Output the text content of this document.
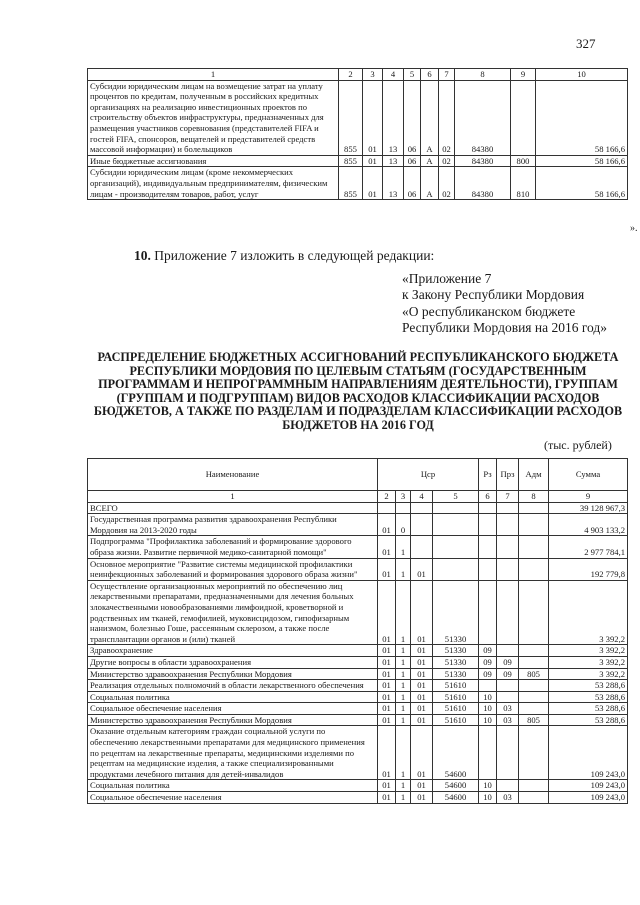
327
1	2	3	4	5	6	7	8	9	10
Субсидии юридическим лицам на возмещение затрат на уплату процентов по кредитам, полученным в российских кредитных организациях на реализацию инвестиционных проектов по строительству объектов инфраструктуры, предназначенных для размещения участников соревнования (представителей FIFA и гостей FIFA, спонсоров, вещателей и представителей средств массовой информации) и болельщиков	855	01	13	06	А	02	84380		58 166,6
Иные бюджетные ассигнования	855	01	13	06	А	02	84380	800	58 166,6
Субсидии юридическим лицам (кроме некоммерческих организаций), индивидуальным предпринимателям, физическим лицам - производителям товаров, работ, услуг	855	01	13	06	А	02	84380	810	58 166,6
».
10. Приложение 7 изложить в следующей редакции:
«Приложение 7
к Закону Республики Мордовия
«О республиканском бюджете Республики Мордовия на 2016 год»
РАСПРЕДЕЛЕНИЕ БЮДЖЕТНЫХ АССИГНОВАНИЙ РЕСПУБЛИКАНСКОГО БЮДЖЕТА РЕСПУБЛИКИ МОРДОВИЯ ПО ЦЕЛЕВЫМ СТАТЬЯМ (ГОСУДАРСТВЕННЫМ ПРОГРАММАМ И НЕПРОГРАММНЫМ НАПРАВЛЕНИЯМ ДЕЯТЕЛЬНОСТИ), ГРУППАМ (ГРУППАМ И ПОДГРУППАМ) ВИДОВ РАСХОДОВ КЛАССИФИКАЦИИ РАСХОДОВ БЮДЖЕТОВ, А ТАКЖЕ ПО РАЗДЕЛАМ И ПОДРАЗДЕЛАМ КЛАССИФИКАЦИИ РАСХОДОВ БЮДЖЕТОВ НА 2016 ГОД
(тыс. рублей)
Наименование	Цср				Рз	Прз	Адм	Сумма
1	2	3	4	5	6	7	8	9
ВСЕГО								39 128 967,3
Государственная программа развития здравоохранения Республики Мордовия на 2013-2020 годы	01	0						4 903 133,2
Подпрограмма "Профилактика заболеваний и формирование здорового образа жизни. Развитие первичной медико-санитарной помощи"	01	1						2 977 784,1
Основное мероприятие "Развитие системы медицинской профилактики неинфекционных заболеваний и формирования здорового образа жизни"	01	1	01					192 779,8
Осуществление организационных мероприятий по обеспечению лиц лекарственными препаратами, предназначенными для лечения больных злокачественными новообразованиями лимфоидной, кроветворной и родственных им тканей, гемофилией, муковисцидозом, гипофизарным нанизмом, болезнью Гоше, рассеянным склерозом, а также после трансплантации органов и (или) тканей	01	1	01	51330				3 392,2
Здравоохранение	01	1	01	51330	09			3 392,2
Другие вопросы в области здравоохранения	01	1	01	51330	09	09		3 392,2
Министерство здравоохранения Республики Мордовия	01	1	01	51330	09	09	805	3 392,2
Реализация отдельных полномочий в области лекарственного обеспечения	01	1	01	51610				53 288,6
Социальная политика	01	1	01	51610	10			53 288,6
Социальное обеспечение населения	01	1	01	51610	10	03		53 288,6
Министерство здравоохранения Республики Мордовия	01	1	01	51610	10	03	805	53 288,6
Оказание отдельным категориям граждан социальной услуги по обеспечению лекарственными препаратами для медицинского применения по рецептам на лекарственные препараты, медицинскими изделиями по рецептам на медицинские изделия, а также специализированными продуктами лечебного питания для детей-инвалидов	01	1	01	54600				109 243,0
Социальная политика	01	1	01	54600	10			109 243,0
Социальное обеспечение населения	01	1	01	54600	10	03		109 243,0
